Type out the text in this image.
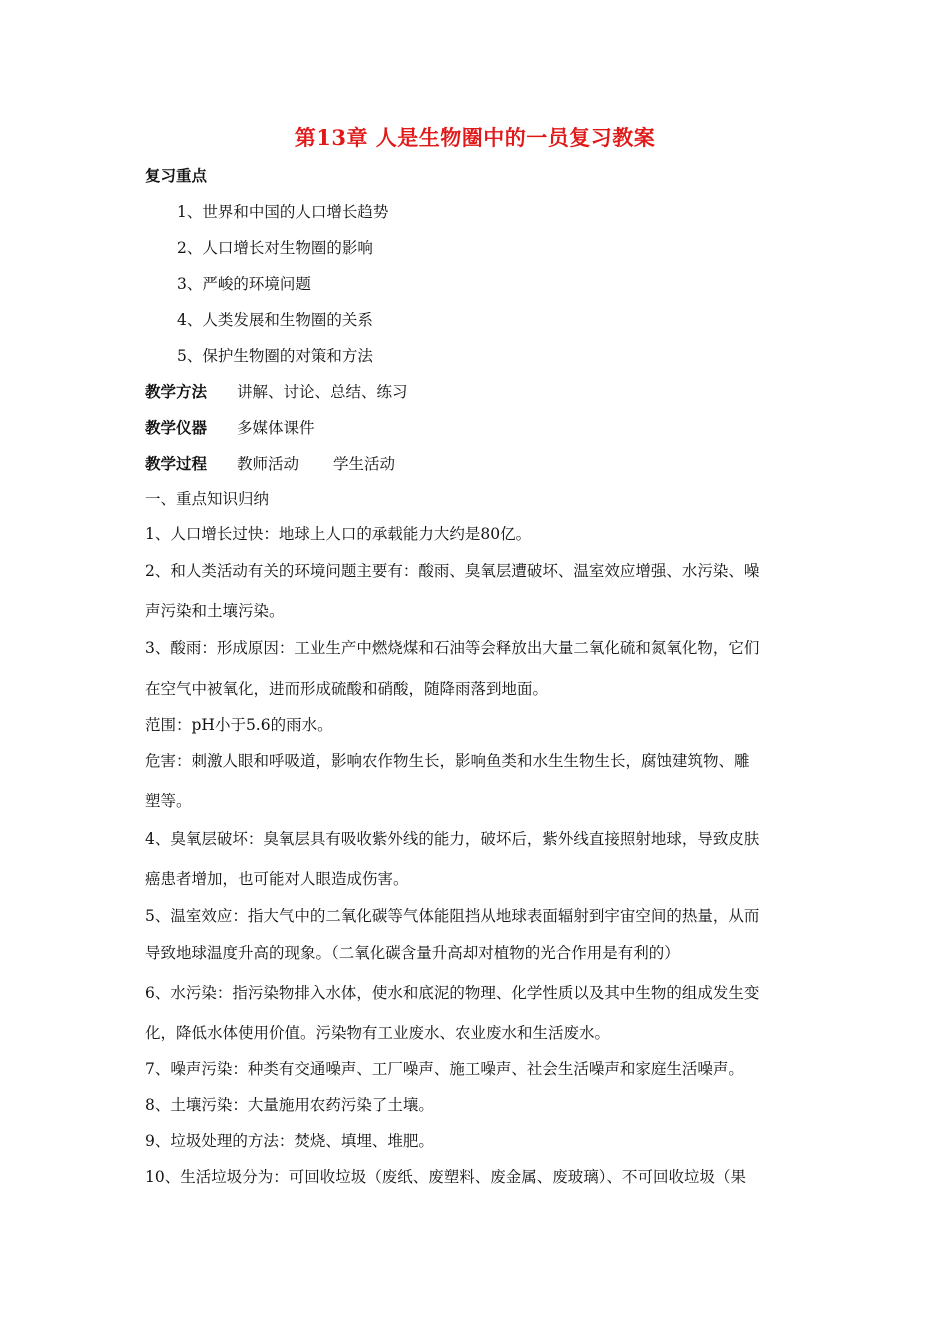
第13章 人是生物圈中的一员复习教案
复习重点
1、世界和中国的人口增长趋势
2、人口增长对生物圈的影响
3、严峻的环境问题
4、人类发展和生物圈的关系
5、保护生物圈的对策和方法
教学方法 讲解、讨论、总结、练习
教学仪器 多媒体课件
教学过程 教师活动 学生活动
一、重点知识归纳
1、人口增长过快：地球上人口的承载能力大约是80亿。
2、和人类活动有关的环境问题主要有：酸雨、臭氧层遭破坏、温室效应增强、水污染、噪
声污染和土壤污染。
3、酸雨：形成原因：工业生产中燃烧煤和石油等会释放出大量二氧化硫和氮氧化物，它们
在空气中被氧化，进而形成硫酸和硝酸，随降雨落到地面。
范围：pH小于5.6的雨水。
危害：刺激人眼和呼吸道，影响农作物生长，影响鱼类和水生生物生长，腐蚀建筑物、雕
塑等。
4、臭氧层破坏：臭氧层具有吸收紫外线的能力，破坏后，紫外线直接照射地球，导致皮肤
癌患者增加，也可能对人眼造成伤害。
5、温室效应：指大气中的二氧化碳等气体能阻挡从地球表面辐射到宇宙空间的热量，从而
导致地球温度升高的现象。（二氧化碳含量升高却对植物的光合作用是有利的）
6、水污染：指污染物排入水体，使水和底泥的物理、化学性质以及其中生物的组成发生变
化，降低水体使用价值。污染物有工业废水、农业废水和生活废水。
7、噪声污染：种类有交通噪声、工厂噪声、施工噪声、社会生活噪声和家庭生活噪声。
8、土壤污染：大量施用农药污染了土壤。
9、垃圾处理的方法：焚烧、填埋、堆肥。
10、生活垃圾分为：可回收垃圾（废纸、废塑料、废金属、废玻璃）、不可回收垃圾（果
